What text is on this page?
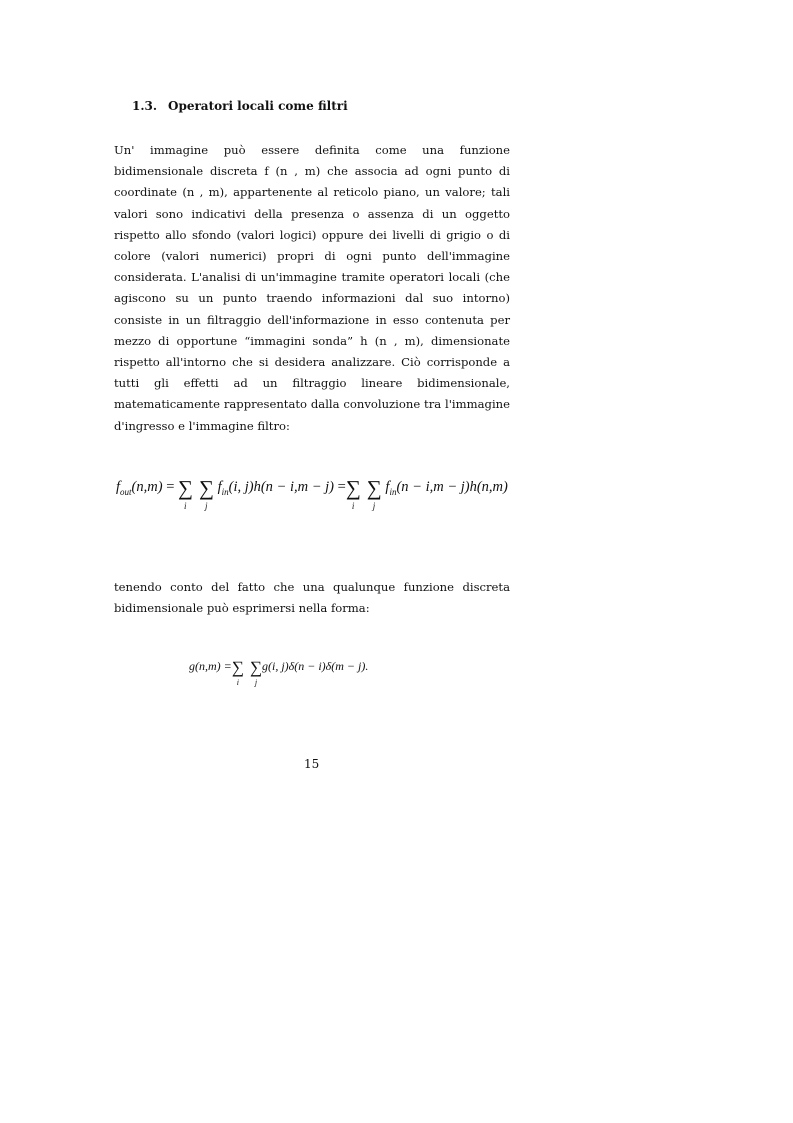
1.3. Operatori locali come filtri
Un' immagine può essere definita come una funzione
bidimensionale discreta f (n , m) che associa ad ogni punto di
coordinate (n , m), appartenente al reticolo piano, un valore; tali
valori sono indicativi della presenza o assenza di un oggetto
rispetto allo sfondo (valori logici) oppure dei livelli di grigio o di
colore (valori numerici) propri di ogni punto dell'immagine
considerata. L'analisi di un'immagine tramite operatori locali (che
agiscono su un punto traendo informazioni dal suo intorno)
consiste in un filtraggio dell'informazione in esso contenuta per
mezzo di opportune “immagini sonda” h (n , m), dimensionate
rispetto all'intorno che si desidera analizzare. Ciò corrisponde a
tutti gli effetti ad un filtraggio lineare bidimensionale,
matematicamente rappresentato dalla convoluzione tra l'immagine
d'ingresso e l'immagine filtro:
$f_{out}(n,m)$ = ∑
i
∑
j
$f_{in}(i$, j)h(n − i,m − j) =∑
i
∑
j
$f_{in}(n - i,m - j)h(n,m)$
tenendo conto del fatto che una qualunque funzione discreta
bidimensionale può esprimersi nella forma:
g(n,m) =∑
i
∑
j
g(i, j)δ(n − i)δ(m − j).
15
